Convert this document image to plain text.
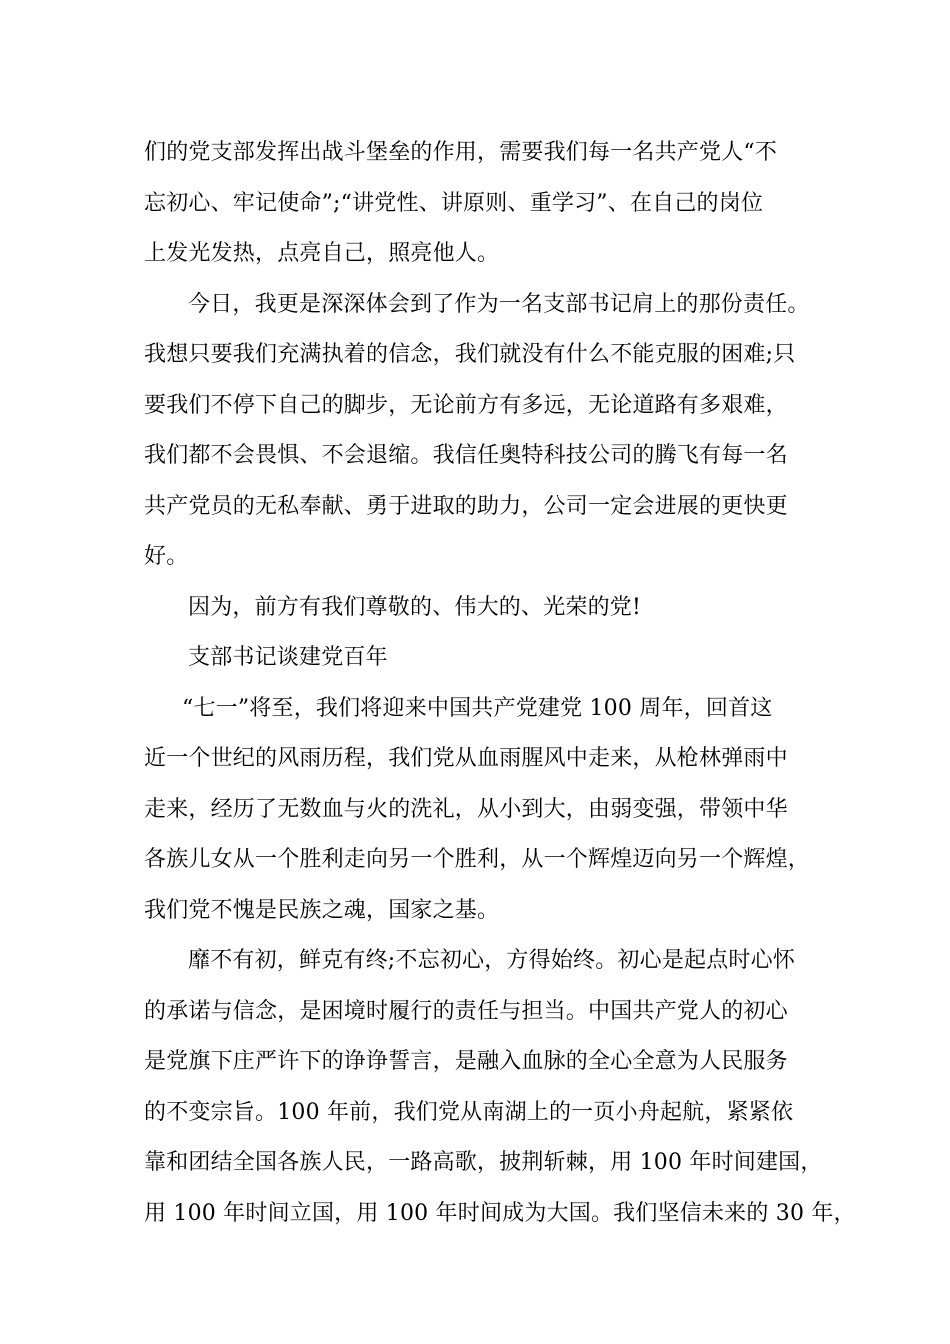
们的党支部发挥出战斗堡垒的作用，需要我们每一名共产党人“不
忘初心、牢记使命”;“讲党性、讲原则、重学习”、在自己的岗位
上发光发热，点亮自己，照亮他人。
今日，我更是深深体会到了作为一名支部书记肩上的那份责任。
我想只要我们充满执着的信念，我们就没有什么不能克服的困难;只
要我们不停下自己的脚步，无论前方有多远，无论道路有多艰难，
我们都不会畏惧、不会退缩。我信任奥特科技公司的腾飞有每一名
共产党员的无私奉献、勇于进取的助力，公司一定会进展的更快更
好。
因为，前方有我们尊敬的、伟大的、光荣的党!
支部书记谈建党百年
“七一”将至，我们将迎来中国共产党建党 100 周年，回首这
近一个世纪的风雨历程，我们党从血雨腥风中走来，从枪林弹雨中
走来，经历了无数血与火的洗礼，从小到大，由弱变强，带领中华
各族儿女从一个胜利走向另一个胜利，从一个辉煌迈向另一个辉煌，
我们党不愧是民族之魂，国家之基。
靡不有初，鲜克有终;不忘初心，方得始终。初心是起点时心怀
的承诺与信念，是困境时履行的责任与担当。中国共产党人的初心
是党旗下庄严许下的诤诤誓言，是融入血脉的全心全意为人民服务
的不变宗旨。100 年前，我们党从南湖上的一页小舟起航，紧紧依
靠和团结全国各族人民，一路高歌，披荆斩棘，用 100 年时间建国，
用 100 年时间立国，用 100 年时间成为大国。我们坚信未来的 30 年，
